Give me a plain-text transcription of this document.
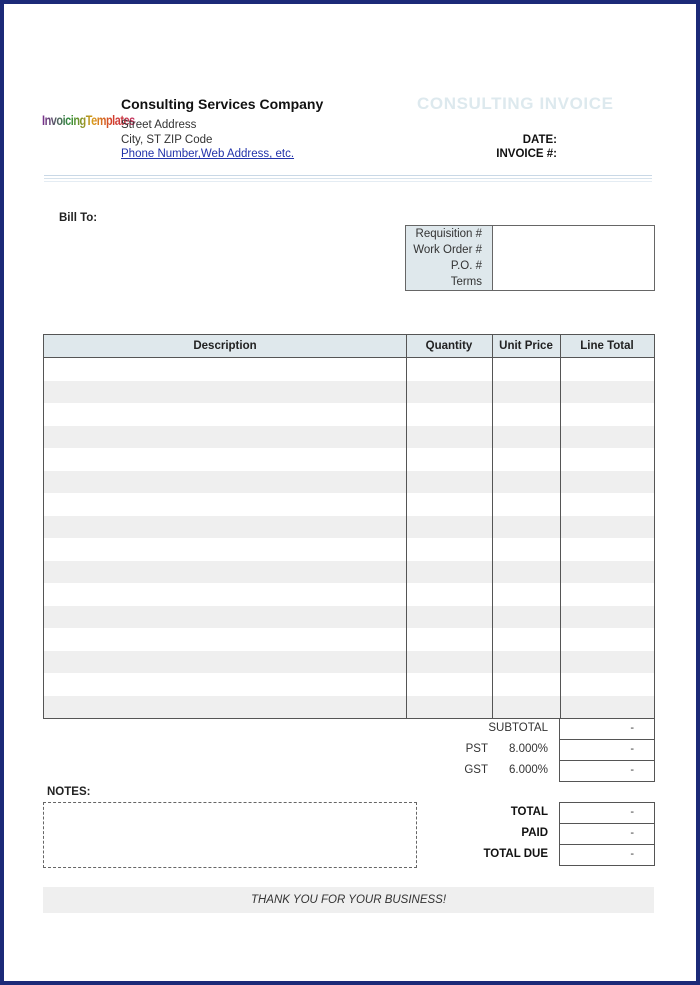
InvoicingTemplates
Consulting Services Company
Street Address
City, ST ZIP Code
Phone Number,Web Address, etc.
CONSULTING INVOICE
DATE:
INVOICE #:
Bill To:
Requisition #
Work Order #
P.O. #
Terms
Description	Quantity	Unit Price	Line Total
SUBTOTAL	-
PST	8.000%	-
GST	6.000%	-
TOTAL	-
PAID	-
TOTAL DUE	-
NOTES:
THANK YOU FOR YOUR BUSINESS!
